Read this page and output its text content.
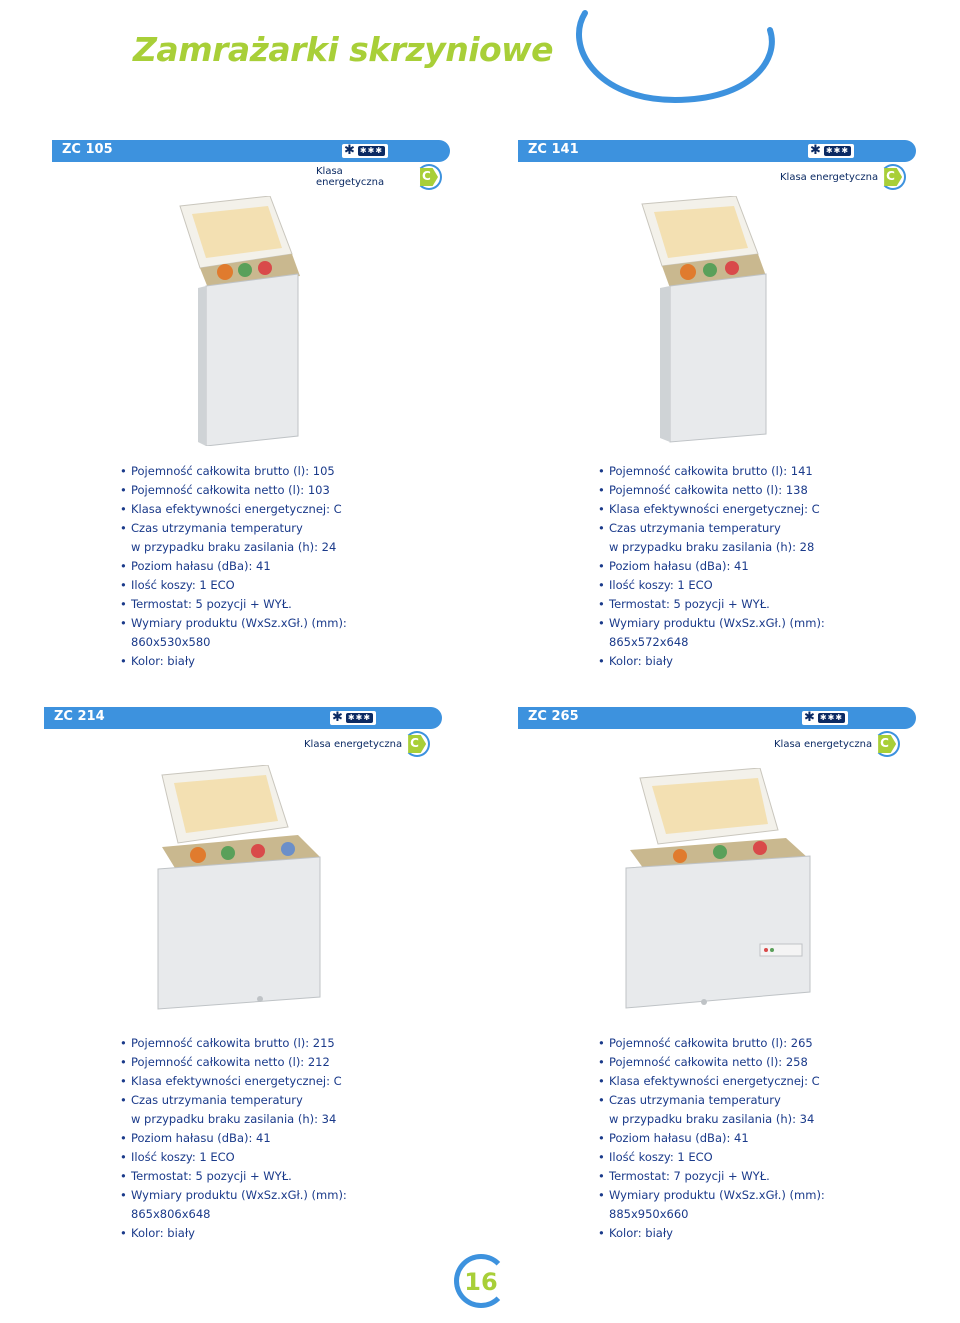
Zamrażarki skrzyniowe
ZC 105	✱ ✱✱✱
Klasa energetyczna	C
• Pojemność całkowita brutto (l): 105
• Pojemność całkowita netto (l): 103
• Klasa efektywności energetycznej: C
• Czas utrzymania temperatury
w przypadku braku zasilania (h): 24
• Poziom hałasu (dBa): 41
• Ilość koszy: 1 ECO
• Termostat: 5 pozycji + WYŁ.
• Wymiary produktu (WxSz.xGł.) (mm):
860x530x580
• Kolor: biały
ZC 141	✱ ✱✱✱
Klasa energetyczna C
• Pojemność całkowita brutto (l): 141
• Pojemność całkowita netto (l): 138
• Klasa efektywności energetycznej: C
• Czas utrzymania temperatury
w przypadku braku zasilania (h): 28
• Poziom hałasu (dBa): 41
• Ilość koszy: 1 ECO
• Termostat: 5 pozycji + WYŁ.
• Wymiary produktu (WxSz.xGł.) (mm):
865x572x648
• Kolor: biały
ZC 214	✱ ✱✱✱
Klasa energetyczna C
• Pojemność całkowita brutto (l): 215
• Pojemność całkowita netto (l): 212
• Klasa efektywności energetycznej: C
• Czas utrzymania temperatury
w przypadku braku zasilania (h): 34
• Poziom hałasu (dBa): 41
• Ilość koszy: 1 ECO
• Termostat: 5 pozycji + WYŁ.
• Wymiary produktu (WxSz.xGł.) (mm):
865x806x648
• Kolor: biały
ZC 265	✱ ✱✱✱
Klasa energetyczna C
• Pojemność całkowita brutto (l): 265
• Pojemność całkowita netto (l): 258
• Klasa efektywności energetycznej: C
• Czas utrzymania temperatury
w przypadku braku zasilania (h): 34
• Poziom hałasu (dBa): 41
• Ilość koszy: 1 ECO
• Termostat: 7 pozycji + WYŁ.
• Wymiary produktu (WxSz.xGł.) (mm):
885x950x660
• Kolor: biały
16
